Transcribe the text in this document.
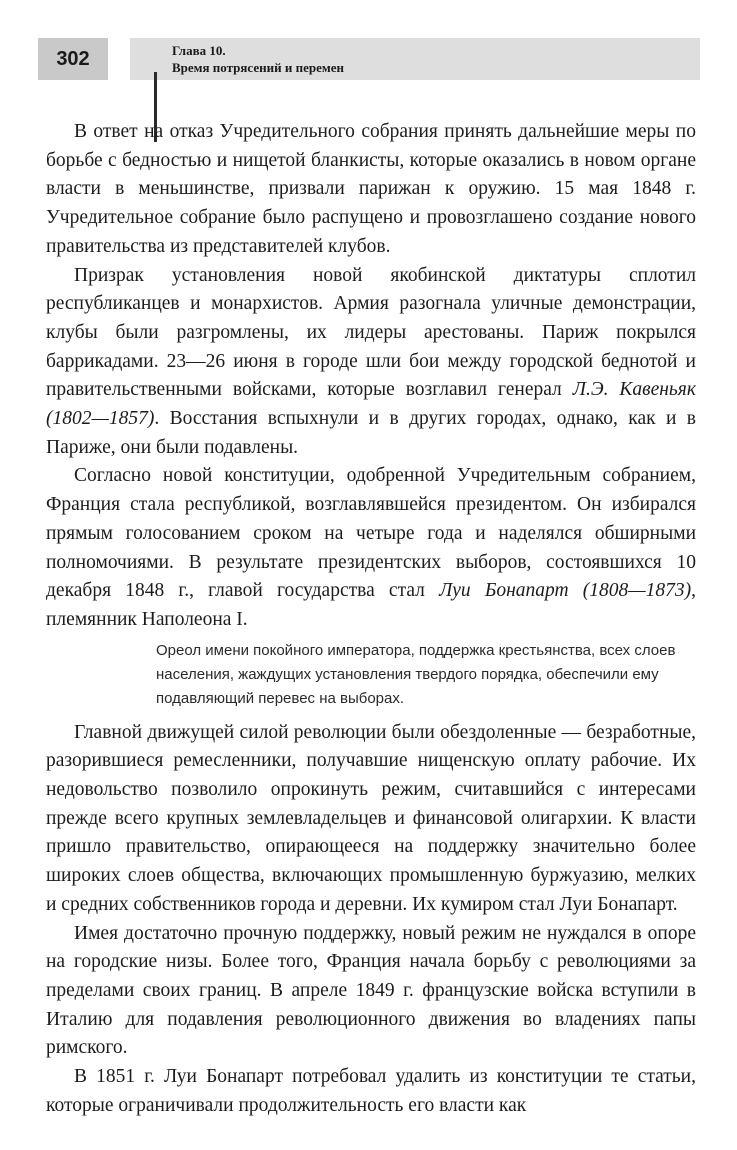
302	Глава 10.
Время потрясений и перемен

В ответ на отказ Учредительного собрания принять дальнейшие меры по борьбе с бедностью и нищетой бланкисты, которые оказались в новом органе власти в меньшинстве, призвали парижан к оружию. 15 мая 1848 г. Учредительное собрание было распущено и провозглашено создание нового правительства из представителей клубов.

Призрак установления новой якобинской диктатуры сплотил республиканцев и монархистов. Армия разогнала уличные демонстрации, клубы были разгромлены, их лидеры арестованы. Париж покрылся баррикадами. 23—26 июня в городе шли бои между городской беднотой и правительственными войсками, которые возглавил генерал Л.Э. Кавеньяк (1802—1857). Восстания вспыхнули и в других городах, однако, как и в Париже, они были подавлены.

Согласно новой конституции, одобренной Учредительным собранием, Франция стала республикой, возглавлявшейся президентом. Он избирался прямым голосованием сроком на четыре года и наделялся обширными полномочиями. В результате президентских выборов, состоявшихся 10 декабря 1848 г., главой государства стал Луи Бонапарт (1808—1873), племянник Наполеона I.

Ореол имени покойного императора, поддержка крестьянства, всех слоев населения, жаждущих установления твердого порядка, обеспечили ему подавляющий перевес на выборах.

Главной движущей силой революции были обездоленные — безработные, разорившиеся ремесленники, получавшие нищенскую оплату рабочие. Их недовольство позволило опрокинуть режим, считавшийся с интересами прежде всего крупных землевладельцев и финансовой олигархии. К власти пришло правительство, опирающееся на поддержку значительно более широких слоев общества, включающих промышленную буржуазию, мелких и средних собственников города и деревни. Их кумиром стал Луи Бонапарт.

Имея достаточно прочную поддержку, новый режим не нуждался в опоре на городские низы. Более того, Франция начала борьбу с революциями за пределами своих границ. В апреле 1849 г. французские войска вступили в Италию для подавления революционного движения во владениях папы римского.

В 1851 г. Луи Бонапарт потребовал удалить из конституции те статьи, которые ограничивали продолжительность его власти как
